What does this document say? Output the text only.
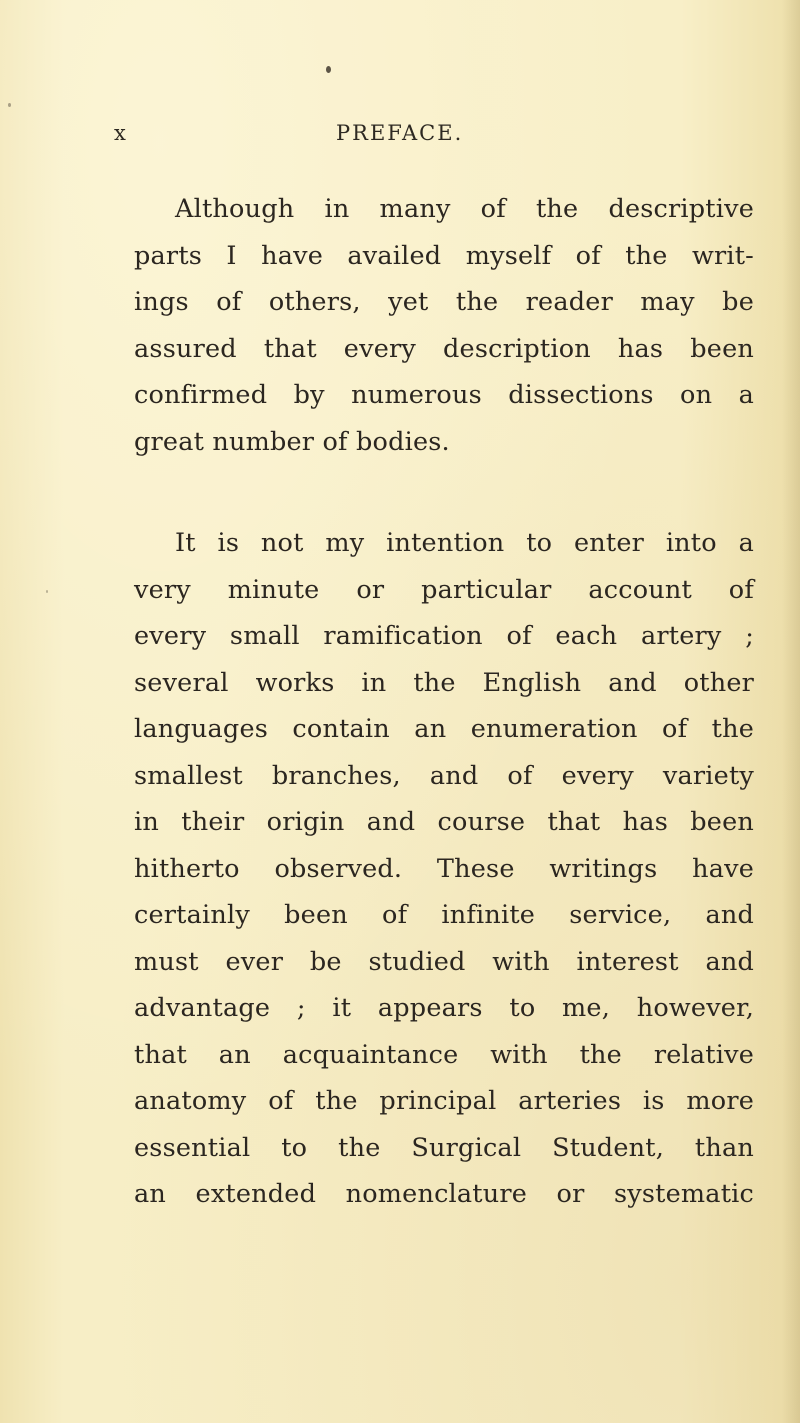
x	PREFACE.

Although in many of the descriptive
parts I have availed myself of the writ-
ings of others, yet the reader may be
assured that every description has been
confirmed by numerous dissections on a
great number of bodies.

It is not my intention to enter into a
very minute or particular account of
every small ramification of each artery ;
several works in the English and other
languages contain an enumeration of the
smallest branches, and of every variety
in their origin and course that has been
hitherto observed. These writings have
certainly been of infinite service, and
must ever be studied with interest and
advantage ; it appears to me, however,
that an acquaintance with the relative
anatomy of the principal arteries is more
essential to the Surgical Student, than
an extended nomenclature or systematic
